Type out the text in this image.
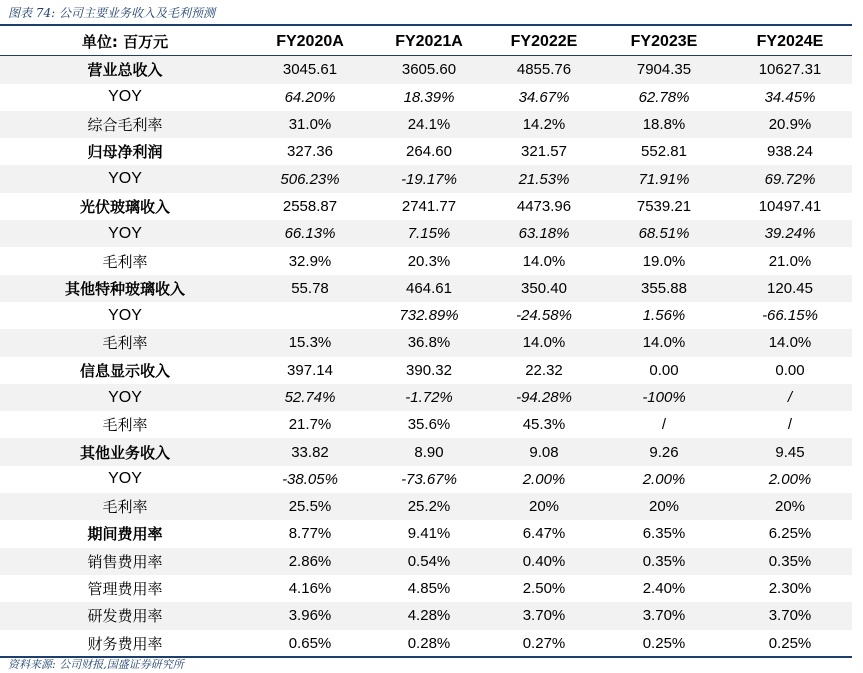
图表 74: 公司主要业务收入及毛利预测
单位: 百万元	FY2020A	FY2021A	FY2022E	FY2023E	FY2024E
营业总收入	3045.61	3605.60	4855.76	7904.35	10627.31
YOY	64.20%	18.39%	34.67%	62.78%	34.45%
综合毛利率	31.0%	24.1%	14.2%	18.8%	20.9%
归母净利润	327.36	264.60	321.57	552.81	938.24
YOY	506.23%	-19.17%	21.53%	71.91%	69.72%
光伏玻璃收入	2558.87	2741.77	4473.96	7539.21	10497.41
YOY	66.13%	7.15%	63.18%	68.51%	39.24%
毛利率	32.9%	20.3%	14.0%	19.0%	21.0%
其他特种玻璃收入	55.78	464.61	350.40	355.88	120.45
YOY		732.89%	-24.58%	1.56%	-66.15%
毛利率	15.3%	36.8%	14.0%	14.0%	14.0%
信息显示收入	397.14	390.32	22.32	0.00	0.00
YOY	52.74%	-1.72%	-94.28%	-100%	/
毛利率	21.7%	35.6%	45.3%	/	/
其他业务收入	33.82	8.90	9.08	9.26	9.45
YOY	-38.05%	-73.67%	2.00%	2.00%	2.00%
毛利率	25.5%	25.2%	20%	20%	20%
期间费用率	8.77%	9.41%	6.47%	6.35%	6.25%
销售费用率	2.86%	0.54%	0.40%	0.35%	0.35%
管理费用率	4.16%	4.85%	2.50%	2.40%	2.30%
研发费用率	3.96%	4.28%	3.70%	3.70%	3.70%
财务费用率	0.65%	0.28%	0.27%	0.25%	0.25%
资料来源: 公司财报,国盛证券研究所
